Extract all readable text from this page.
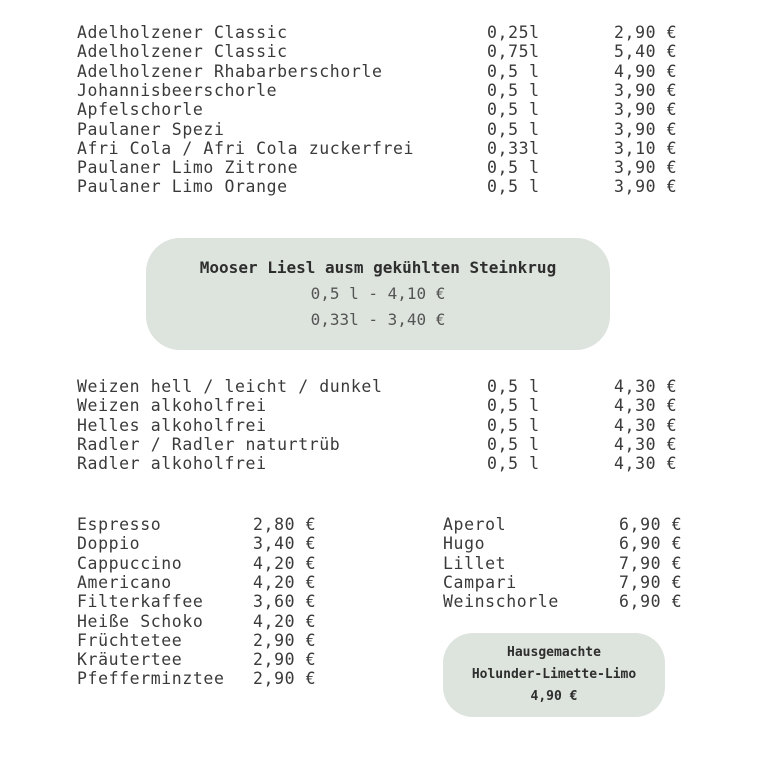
Adelholzener Classic	0,25l	2,90 €
Adelholzener Classic	0,75l	5,40 €
Adelholzener Rhabarberschorle	0,5 l	4,90 €
Johannisbeerschorle	0,5 l	3,90 €
Apfelschorle	0,5 l	3,90 €
Paulaner Spezi	0,5 l	3,90 €
Afri Cola / Afri Cola zuckerfrei	0,33l	3,10 €
Paulaner Limo Zitrone	0,5 l	3,90 €
Paulaner Limo Orange	0,5 l	3,90 €
Mooser Liesl ausm gekühlten Steinkrug
0,5 l - 4,10 €
0,33l - 3,40 €
Weizen hell / leicht / dunkel	0,5 l	4,30 €
Weizen alkoholfrei	0,5 l	4,30 €
Helles alkoholfrei	0,5 l	4,30 €
Radler / Radler naturtrüb	0,5 l	4,30 €
Radler alkoholfrei	0,5 l	4,30 €
Espresso	2,80 €
Doppio	3,40 €
Cappuccino	4,20 €
Americano	4,20 €
Filterkaffee	3,60 €
Heiße Schoko	4,20 €
Früchtetee	2,90 €
Kräutertee	2,90 €
Pfefferminztee 2,90 €
Aperol	6,90 €
Hugo	6,90 €
Lillet	7,90 €
Campari	7,90 €
Weinschorle	6,90 €
Hausgemachte
Holunder-Limette-Limo
4,90 €
